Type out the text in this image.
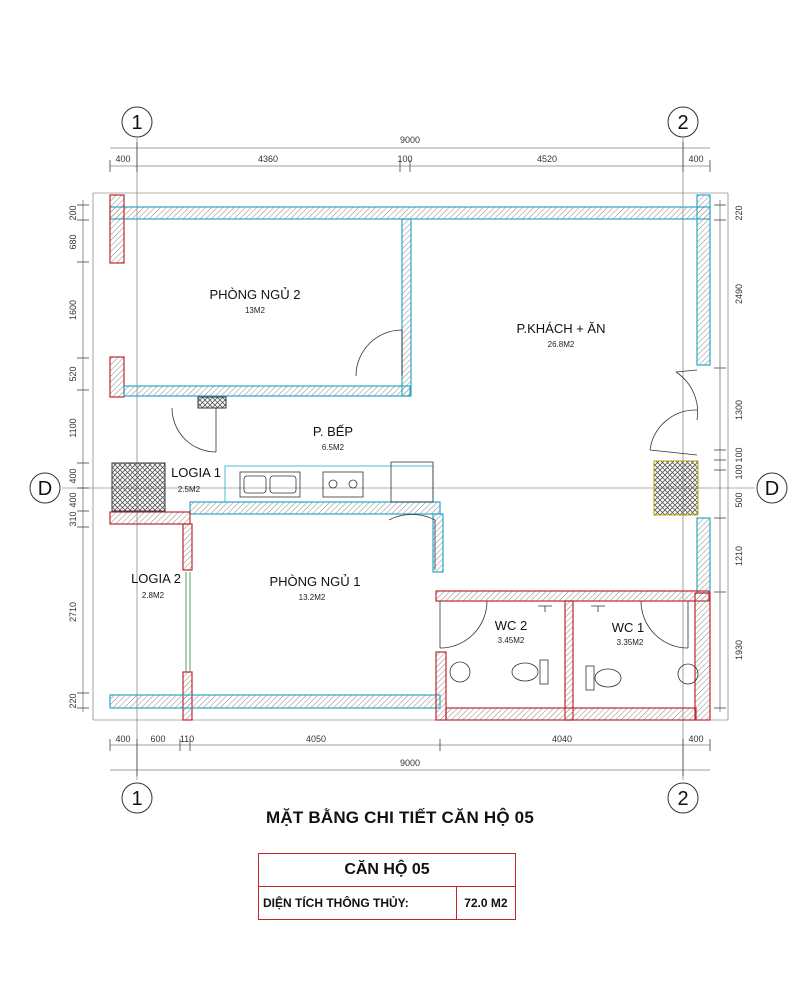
9000
400	4360	100	4520	400
400 600 110	4050	4040	400
9000
200
680
1600
520
1100
400
400
310
2710
220
220
2490
1300
100
100
500
1210
1930
1	2
1	2
D	D
PHÒNG NGỦ 2
13M2
P.KHÁCH + ĂN
26.8M2
P. BẾP
6.5M2
LOGIA 1
2.5M2
LOGIA 2
2.8M2
PHÒNG NGỦ 1
13.2M2
WC 2
3.45M2
WC 1
3.35M2
MẶT BẰNG CHI TIẾT CĂN HỘ 05
CĂN HỘ 05
DIỆN TÍCH THÔNG THỦY:	72.0 M2
